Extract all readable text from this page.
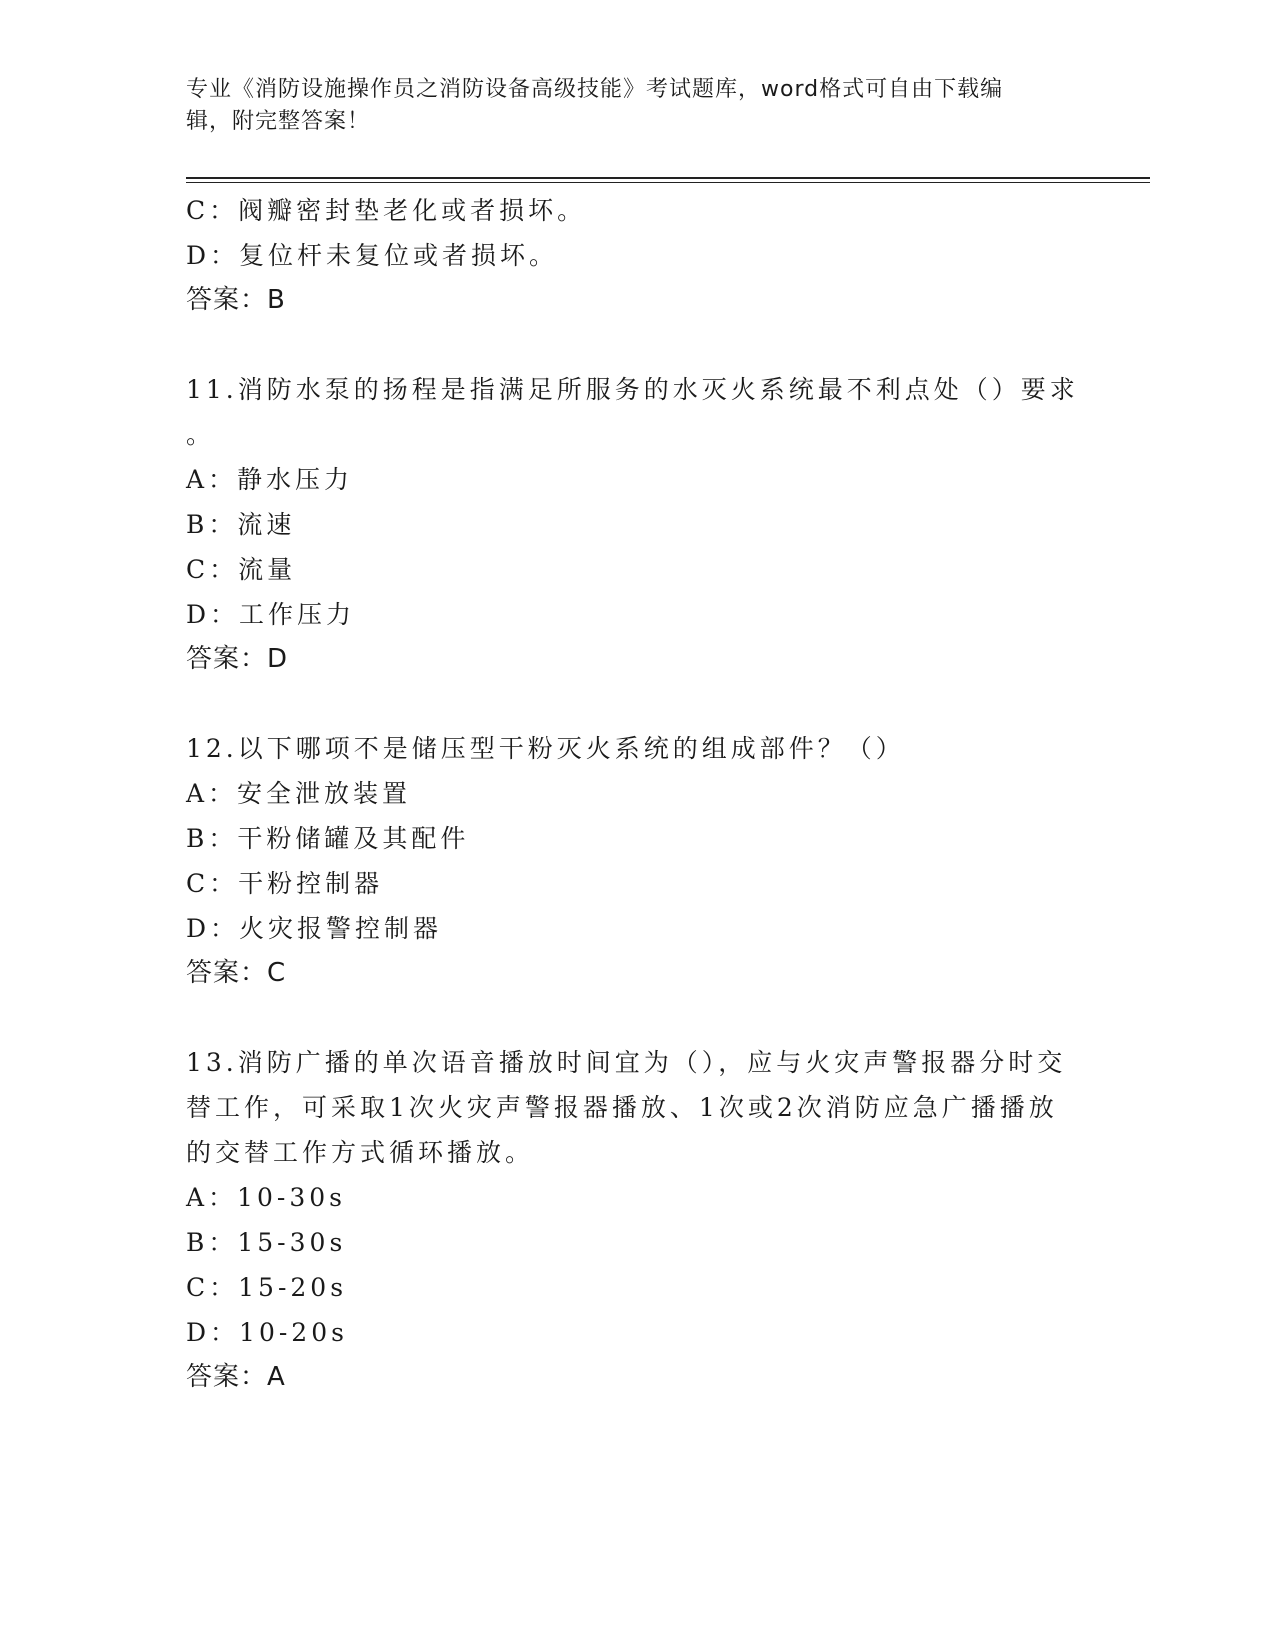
专业《消防设施操作员之消防设备高级技能》考试题库，word格式可自由下载编
辑，附完整答案！
C：阀瓣密封垫老化或者损坏。
D：复位杆未复位或者损坏。
答案：B
11.消防水泵的扬程是指满足所服务的水灭火系统最不利点处（）要求
。
A：静水压力
B：流速
C：流量
D：工作压力
答案：D
12.以下哪项不是储压型干粉灭火系统的组成部件？（）
A：安全泄放装置
B：干粉储罐及其配件
C：干粉控制器
D：火灾报警控制器
答案：C
13.消防广播的单次语音播放时间宜为（），应与火灾声警报器分时交
替工作，可采取1次火灾声警报器播放、1次或2次消防应急广播播放
的交替工作方式循环播放。
A：10-30s
B：15-30s
C：15-20s
D：10-20s
答案：A
